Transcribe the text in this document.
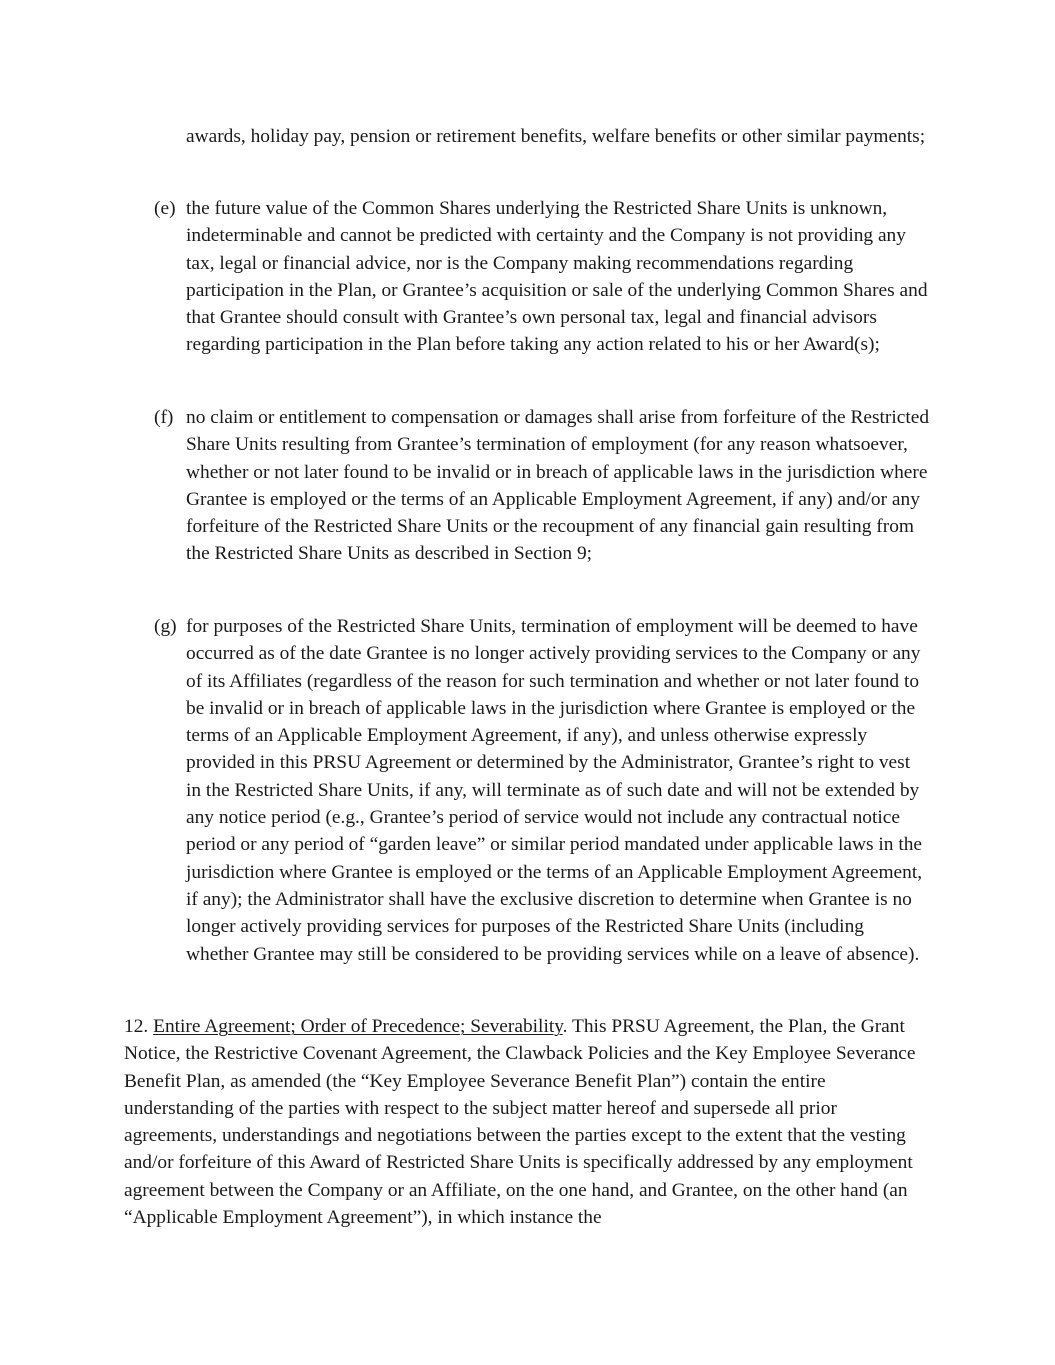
awards, holiday pay, pension or retirement benefits, welfare benefits or other similar payments;

(e) the future value of the Common Shares underlying the Restricted Share Units is unknown, indeterminable and cannot be predicted with certainty and the Company is not providing any tax, legal or financial advice, nor is the Company making recommendations regarding participation in the Plan, or Grantee’s acquisition or sale of the underlying Common Shares and that Grantee should consult with Grantee’s own personal tax, legal and financial advisors regarding participation in the Plan before taking any action related to his or her Award(s);
(f) no claim or entitlement to compensation or damages shall arise from forfeiture of the Restricted Share Units resulting from Grantee’s termination of employment (for any reason whatsoever, whether or not later found to be invalid or in breach of applicable laws in the jurisdiction where Grantee is employed or the terms of an Applicable Employment Agreement, if any) and/or any forfeiture of the Restricted Share Units or the recoupment of any financial gain resulting from the Restricted Share Units as described in Section 9;
(g) for purposes of the Restricted Share Units, termination of employment will be deemed to have occurred as of the date Grantee is no longer actively providing services to the Company or any of its Affiliates (regardless of the reason for such termination and whether or not later found to be invalid or in breach of applicable laws in the jurisdiction where Grantee is employed or the terms of an Applicable Employment Agreement, if any), and unless otherwise expressly provided in this PRSU Agreement or determined by the Administrator, Grantee’s right to vest in the Restricted Share Units, if any, will terminate as of such date and will not be extended by any notice period (e.g., Grantee’s period of service would not include any contractual notice period or any period of “garden leave” or similar period mandated under applicable laws in the jurisdiction where Grantee is employed or the terms of an Applicable Employment Agreement, if any); the Administrator shall have the exclusive discretion to determine when Grantee is no longer actively providing services for purposes of the Restricted Share Units (including whether Grantee may still be considered to be providing services while on a leave of absence).

12. Entire Agreement; Order of Precedence; Severability. This PRSU Agreement, the Plan, the Grant Notice, the Restrictive Covenant Agreement, the Clawback Policies and the Key Employee Severance Benefit Plan, as amended (the “Key Employee Severance Benefit Plan”) contain the entire understanding of the parties with respect to the subject matter hereof and supersede all prior agreements, understandings and negotiations between the parties except to the extent that the vesting and/or forfeiture of this Award of Restricted Share Units is specifically addressed by any employment agreement between the Company or an Affiliate, on the one hand, and Grantee, on the other hand (an “Applicable Employment Agreement”), in which instance the
